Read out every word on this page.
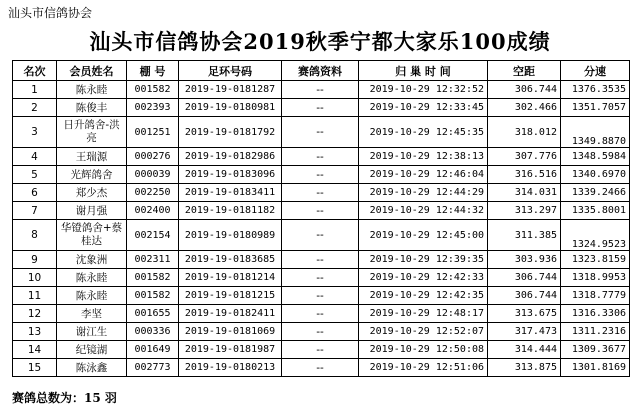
汕头市信鸽协会
汕头市信鸽协会2019秋季宁都大家乐100成绩
名次	会员姓名	棚 号	足环号码	赛鸽资料	归 巢 时 间	空距	分速
1	陈永睦	001582	2019-19-0181287	--	2019-10-29 12:32:52	306.744	1376.3535
2	陈俊丰	002393	2019-19-0180981	--	2019-10-29 12:33:45	302.466	1351.7057
3	日升鸽舍-洪亮	001251	2019-19-0181792	--	2019-10-29 12:45:35	318.012	1349.8870
4	王瑞源	000276	2019-19-0182986	--	2019-10-29 12:38:13	307.776	1348.5984
5	光辉鸽舍	000039	2019-19-0183096	--	2019-10-29 12:46:04	316.516	1340.6970
6	郑少杰	002250	2019-19-0183411	--	2019-10-29 12:44:29	314.031	1339.2466
7	谢月强	002400	2019-19-0181182	--	2019-10-29 12:44:32	313.297	1335.8001
8	华镫鸽舍+蔡桂达	002154	2019-19-0180989	--	2019-10-29 12:45:00	311.385	1324.9523
9	沈象洲	002311	2019-19-0183685	--	2019-10-29 12:39:35	303.936	1323.8159
10	陈永睦	001582	2019-19-0181214	--	2019-10-29 12:42:33	306.744	1318.9953
11	陈永睦	001582	2019-19-0181215	--	2019-10-29 12:42:35	306.744	1318.7779
12	李坚	001655	2019-19-0182411	--	2019-10-29 12:48:17	313.675	1316.3306
13	谢江生	000336	2019-19-0181069	--	2019-10-29 12:52:07	317.473	1311.2316
14	纪镜湖	001649	2019-19-0181987	--	2019-10-29 12:50:08	314.444	1309.3677
15	陈泳鑫	002773	2019-19-0180213	--	2019-10-29 12:51:06	313.875	1301.8169
赛鸽总数为：15 羽
